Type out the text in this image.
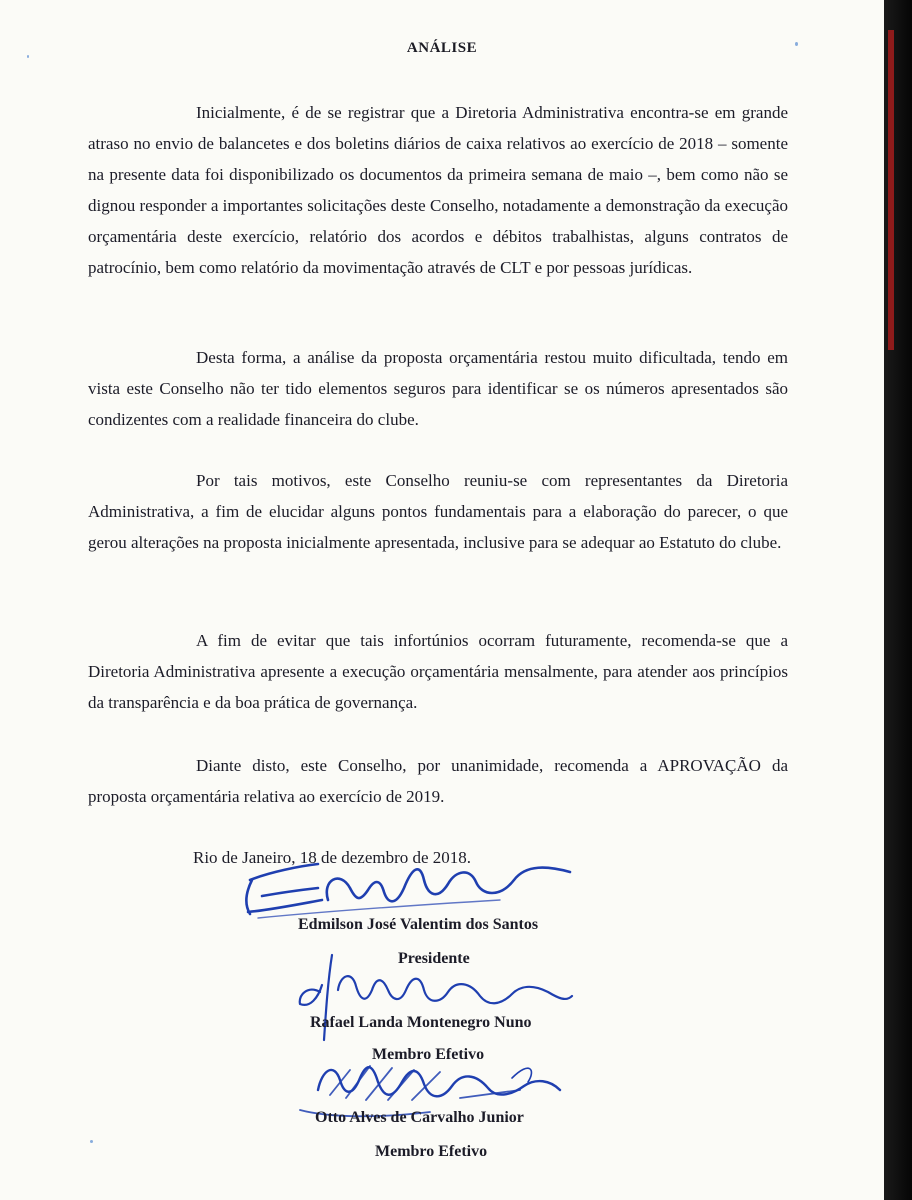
ANÁLISE
Inicialmente, é de se registrar que a Diretoria Administrativa encontra-se em grande atraso no envio de balancetes e dos boletins diários de caixa relativos ao exercício de 2018 – somente na presente data foi disponibilizado os documentos da primeira semana de maio –, bem como não se dignou responder a importantes solicitações deste Conselho, notadamente a demonstração da execução orçamentária deste exercício, relatório dos acordos e débitos trabalhistas, alguns contratos de patrocínio, bem como relatório da movimentação através de CLT e por pessoas jurídicas.
Desta forma, a análise da proposta orçamentária restou muito dificultada, tendo em vista este Conselho não ter tido elementos seguros para identificar se os números apresentados são condizentes com a realidade financeira do clube.
Por tais motivos, este Conselho reuniu-se com representantes da Diretoria Administrativa, a fim de elucidar alguns pontos fundamentais para a elaboração do parecer, o que gerou alterações na proposta inicialmente apresentada, inclusive para se adequar ao Estatuto do clube.
A fim de evitar que tais infortúnios ocorram futuramente, recomenda-se que a Diretoria Administrativa apresente a execução orçamentária mensalmente, para atender aos princípios da transparência e da boa prática de governança.
Diante disto, este Conselho, por unanimidade, recomenda a APROVAÇÃO da proposta orçamentária relativa ao exercício de 2019.
Rio de Janeiro, 18 de dezembro de 2018.
Edmilson José Valentim dos Santos
Presidente
Rafael Landa Montenegro Nuno
Membro Efetivo
Otto Alves de Carvalho Junior
Membro Efetivo
